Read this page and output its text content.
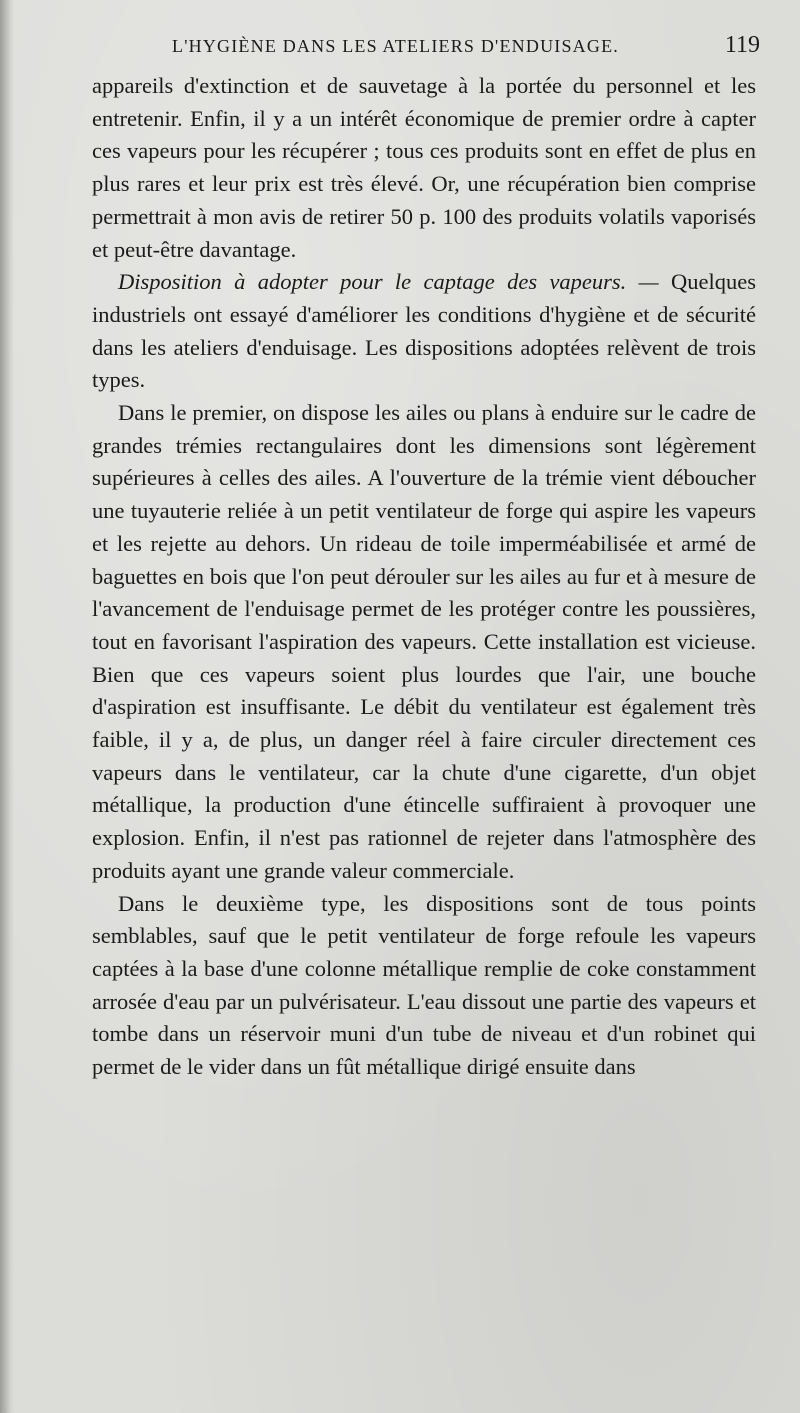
L'HYGIÈNE DANS LES ATELIERS D'ENDUISAGE.	119

appareils d'extinction et de sauvetage à la portée du personnel et les entretenir. Enfin, il y a un intérêt économique de premier ordre à capter ces vapeurs pour les récupérer ; tous ces produits sont en effet de plus en plus rares et leur prix est très élevé. Or, une récupération bien comprise permettrait à mon avis de retirer 50 p. 100 des produits volatils vaporisés et peut-être davantage.

Disposition à adopter pour le captage des vapeurs. — Quelques industriels ont essayé d'améliorer les conditions d'hygiène et de sécurité dans les ateliers d'enduisage. Les dispositions adoptées relèvent de trois types.

Dans le premier, on dispose les ailes ou plans à enduire sur le cadre de grandes trémies rectangulaires dont les dimensions sont légèrement supérieures à celles des ailes. A l'ouverture de la trémie vient déboucher une tuyauterie reliée à un petit ventilateur de forge qui aspire les vapeurs et les rejette au dehors. Un rideau de toile imperméabilisée et armé de baguettes en bois que l'on peut dérouler sur les ailes au fur et à mesure de l'avancement de l'enduisage permet de les protéger contre les poussières, tout en favorisant l'aspiration des vapeurs. Cette installation est vicieuse. Bien que ces vapeurs soient plus lourdes que l'air, une bouche d'aspiration est insuffisante. Le débit du ventilateur est également très faible, il y a, de plus, un danger réel à faire circuler directement ces vapeurs dans le ventilateur, car la chute d'une cigarette, d'un objet métallique, la production d'une étincelle suffiraient à provoquer une explosion. Enfin, il n'est pas rationnel de rejeter dans l'atmosphère des produits ayant une grande valeur commerciale.

Dans le deuxième type, les dispositions sont de tous points semblables, sauf que le petit ventilateur de forge refoule les vapeurs captées à la base d'une colonne métallique remplie de coke constamment arrosée d'eau par un pulvérisateur. L'eau dissout une partie des vapeurs et tombe dans un réservoir muni d'un tube de niveau et d'un robinet qui permet de le vider dans un fût métallique dirigé ensuite dans
